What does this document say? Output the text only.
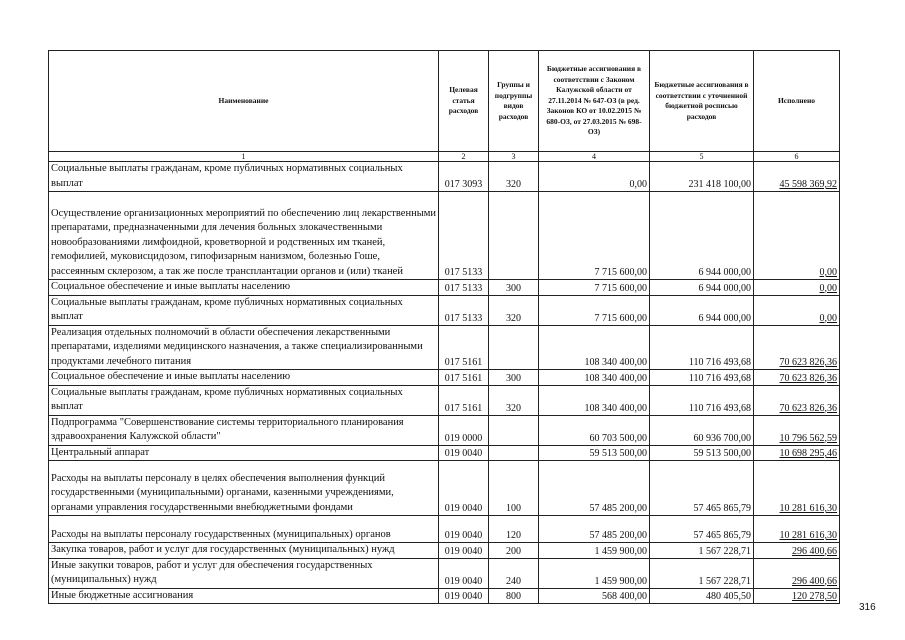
Наименование	Целевая статья расходов	Группы и подгруппы видов расходов	Бюджетные ассигнования в соответствии с Законом Калужской области от 27.11.2014 № 647-ОЗ (в ред. Законов КО от 10.02.2015 № 680-ОЗ, от 27.03.2015 № 698-ОЗ)	Бюджетные ассигнования в соответствии с уточненной бюджетной росписью расходов	Исполнено
1	2	3	4	5	6
Социальные выплаты гражданам, кроме публичных нормативных социальных выплат	017 3093	320	0,00	231 418 100,00	45 598 369,92
Осуществление организационных мероприятий по обеспечению лиц лекарственными препаратами, предназначенными для лечения больных злокачественными новообразованиями лимфоидной, кроветворной и родственных им тканей, гемофилией, муковисцидозом, гипофизарным нанизмом, болезнью Гоше, рассеянным склерозом, а так же после трансплантации органов и (или) тканей	017 5133		7 715 600,00	6 944 000,00	0,00
Социальное обеспечение и иные выплаты населению	017 5133	300	7 715 600,00	6 944 000,00	0,00
Социальные выплаты гражданам, кроме публичных нормативных социальных выплат	017 5133	320	7 715 600,00	6 944 000,00	0,00
Реализация отдельных полномочий в области обеспечения лекарственными препаратами, изделиями медицинского назначения, а также специализированными продуктами лечебного питания	017 5161		108 340 400,00	110 716 493,68	70 623 826,36
Социальное обеспечение и иные выплаты населению	017 5161	300	108 340 400,00	110 716 493,68	70 623 826,36
Социальные выплаты гражданам, кроме публичных нормативных социальных выплат	017 5161	320	108 340 400,00	110 716 493,68	70 623 826,36
Подпрограмма "Совершенствование системы территориального планирования здравоохранения Калужской области"	019 0000		60 703 500,00	60 936 700,00	10 796 562,59
Центральный аппарат	019 0040		59 513 500,00	59 513 500,00	10 698 295,46
Расходы на выплаты персоналу в целях обеспечения выполнения функций государственными (муниципальными) органами, казенными учреждениями, органами управления государственными внебюджетными фондами	019 0040	100	57 485 200,00	57 465 865,79	10 281 616,30
Расходы на выплаты персоналу государственных (муниципальных) органов	019 0040	120	57 485 200,00	57 465 865,79	10 281 616,30
Закупка товаров, работ и услуг для государственных (муниципальных) нужд	019 0040	200	1 459 900,00	1 567 228,71	296 400,66
Иные закупки товаров, работ и услуг для обеспечения государственных (муниципальных) нужд	019 0040	240	1 459 900,00	1 567 228,71	296 400,66
Иные бюджетные ассигнования	019 0040	800	568 400,00	480 405,50	120 278,50
316
